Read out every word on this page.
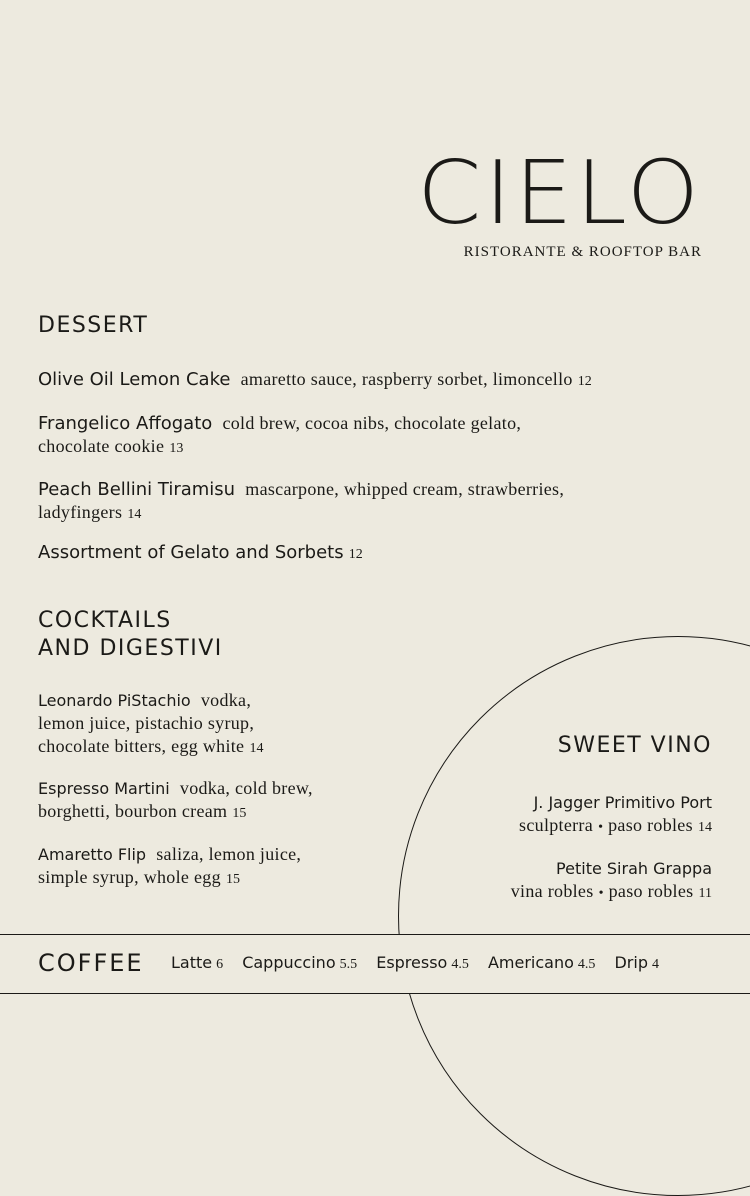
CIELO
RISTORANTE & ROOFTOP BAR
DESSERT
Olive Oil Lemon Cake amaretto sauce, raspberry sorbet, limoncello 12
Frangelico Affogato cold brew, cocoa nibs, chocolate gelato,
chocolate cookie 13
Peach Bellini Tiramisu mascarpone, whipped cream, strawberries,
ladyfingers 14
Assortment of Gelato and Sorbets 12
COCKTAILS
AND DIGESTIVI
Leonardo PiStachio vodka,
lemon juice, pistachio syrup,
chocolate bitters, egg white 14
Espresso Martini vodka, cold brew,
borghetti, bourbon cream 15
Amaretto Flip saliza, lemon juice,
simple syrup, whole egg 15
SWEET VINO
J. Jagger Primitivo Port
sculpterra • paso robles 14
Petite Sirah Grappa
vina robles • paso robles 11
COFFEE Latte 6 Cappuccino 5.5 Espresso 4.5 Americano 4.5 Drip 4
